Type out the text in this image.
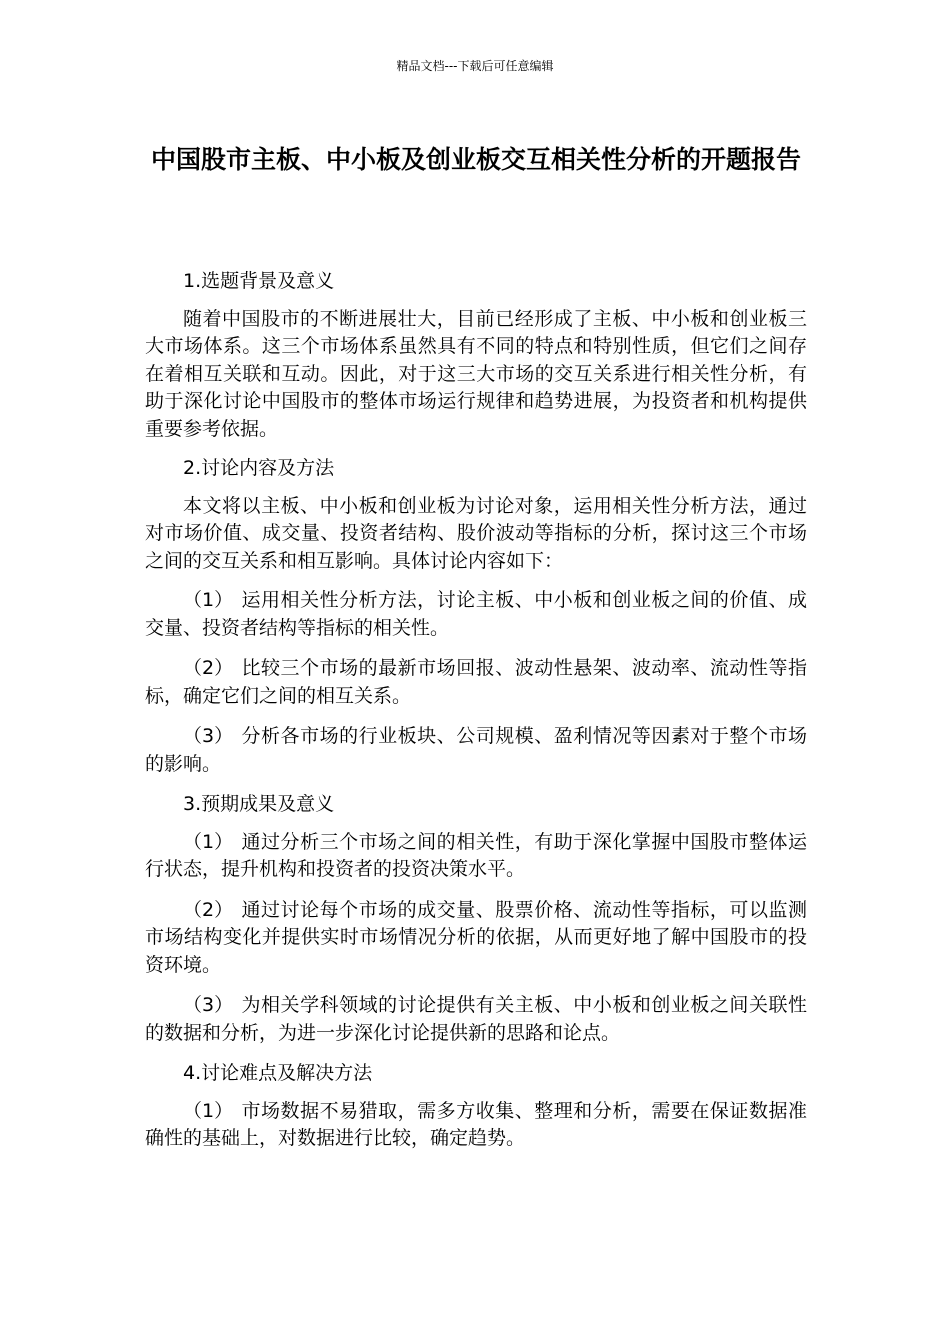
精品文档---下载后可任意编辑
中国股市主板、中小板及创业板交互相关性分析的开题报告

1.选题背景及意义

随着中国股市的不断进展壮大，目前已经形成了主板、中小板和创业板三大市场体系。这三个市场体系虽然具有不同的特点和特别性质，但它们之间存在着相互关联和互动。因此，对于这三大市场的交互关系进行相关性分析，有助于深化讨论中国股市的整体市场运行规律和趋势进展，为投资者和机构提供重要参考依据。

2.讨论内容及方法

本文将以主板、中小板和创业板为讨论对象，运用相关性分析方法，通过对市场价值、成交量、投资者结构、股价波动等指标的分析，探讨这三个市场之间的交互关系和相互影响。具体讨论内容如下：

（1） 运用相关性分析方法，讨论主板、中小板和创业板之间的价值、成交量、投资者结构等指标的相关性。

（2） 比较三个市场的最新市场回报、波动性悬架、波动率、流动性等指标，确定它们之间的相互关系。

（3） 分析各市场的行业板块、公司规模、盈利情况等因素对于整个市场的影响。

3.预期成果及意义

（1） 通过分析三个市场之间的相关性，有助于深化掌握中国股市整体运行状态，提升机构和投资者的投资决策水平。

（2） 通过讨论每个市场的成交量、股票价格、流动性等指标，可以监测市场结构变化并提供实时市场情况分析的依据，从而更好地了解中国股市的投资环境。

（3） 为相关学科领域的讨论提供有关主板、中小板和创业板之间关联性的数据和分析，为进一步深化讨论提供新的思路和论点。

4.讨论难点及解决方法

（1） 市场数据不易猎取，需多方收集、整理和分析，需要在保证数据准确性的基础上，对数据进行比较，确定趋势。
